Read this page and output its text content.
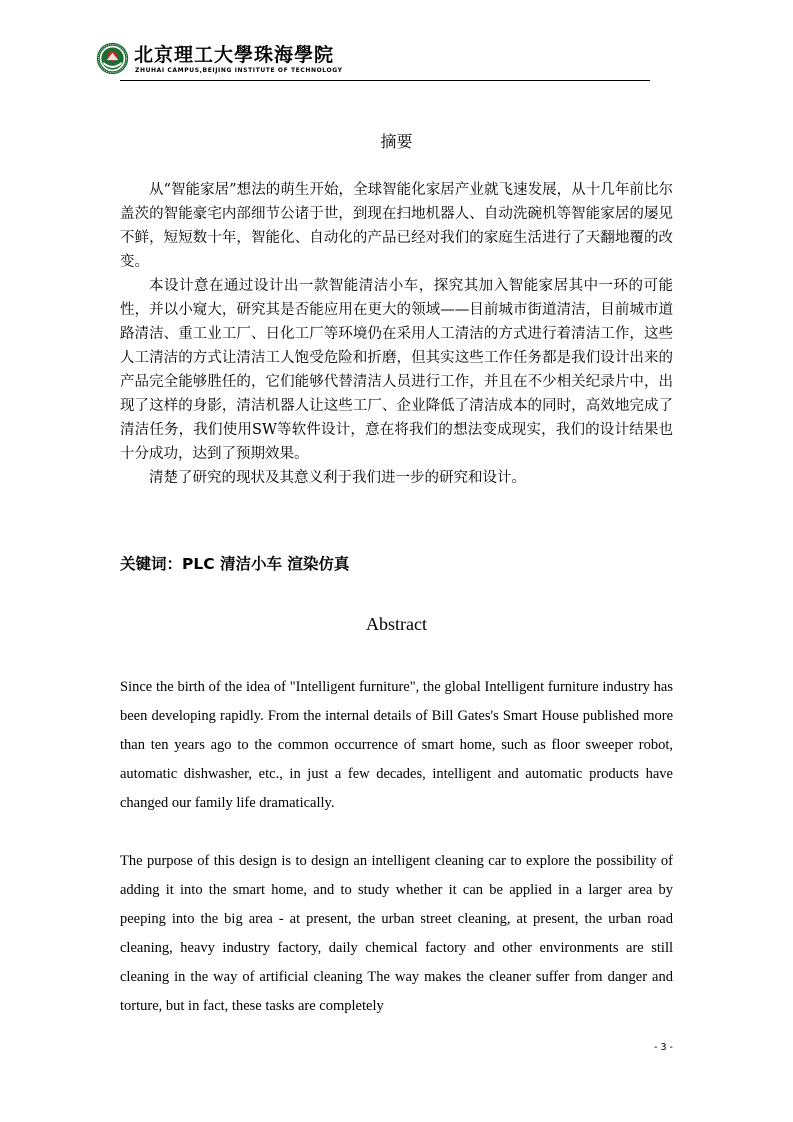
北京理工大學珠海學院
ZHUHAI CAMPUS,BEIJING INSTITUTE OF TECHNOLOGY
摘要

从“智能家居”想法的萌生开始，全球智能化家居产业就飞速发展，从十几年前比尔盖茨的智能豪宅内部细节公诸于世，到现在扫地机器人、自动洗碗机等智能家居的屡见不鲜，短短数十年，智能化、自动化的产品已经对我们的家庭生活进行了天翻地覆的改变。

本设计意在通过设计出一款智能清洁小车，探究其加入智能家居其中一环的可能性，并以小窥大，研究其是否能应用在更大的领域——目前城市街道清洁，目前城市道路清洁、重工业工厂、日化工厂等环境仍在采用人工清洁的方式进行着清洁工作，这些人工清洁的方式让清洁工人饱受危险和折磨，但其实这些工作任务都是我们设计出来的产品完全能够胜任的，它们能够代替清洁人员进行工作，并且在不少相关纪录片中，出现了这样的身影，清洁机器人让这些工厂、企业降低了清洁成本的同时，高效地完成了清洁任务，我们使用SW等软件设计，意在将我们的想法变成现实，我们的设计结果也十分成功，达到了预期效果。

清楚了研究的现状及其意义利于我们进一步的研究和设计。

关键词：PLC 清洁小车 渲染仿真
Abstract

Since the birth of the idea of "Intelligent furniture", the global Intelligent furniture industry has been developing rapidly. From the internal details of Bill Gates's Smart House published more than ten years ago to the common occurrence of smart home, such as floor sweeper robot, automatic dishwasher, etc., in just a few decades, intelligent and automatic products have changed our family life dramatically.

The purpose of this design is to design an intelligent cleaning car to explore the possibility of adding it into the smart home, and to study whether it can be applied in a larger area by peeping into the big area - at present, the urban street cleaning, at present, the urban road cleaning, heavy industry factory, daily chemical factory and other environments are still cleaning in the way of artificial cleaning The way makes the cleaner suffer from danger and torture, but in fact, these tasks are completely

- 3 -
